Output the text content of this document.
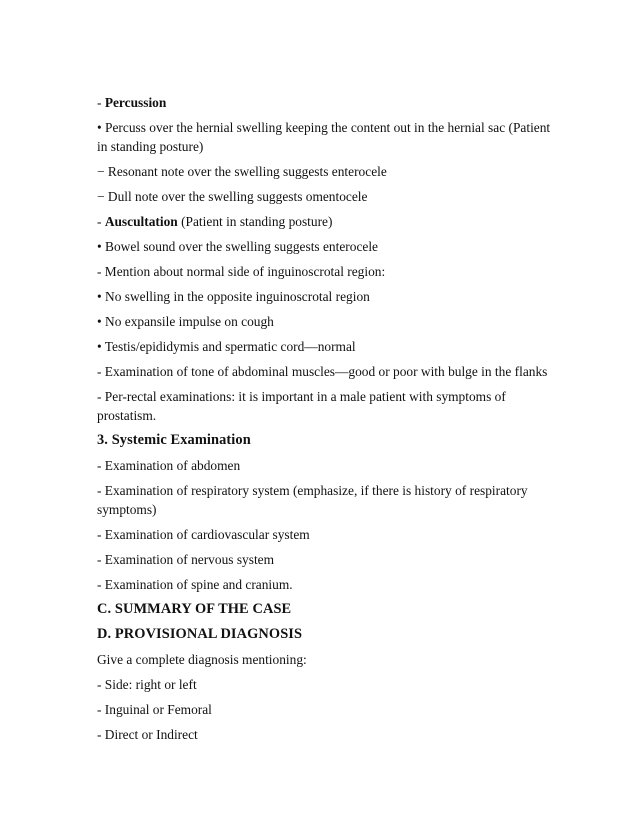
- Percussion

• Percuss over the hernial swelling keeping the content out in the hernial sac (Patient in standing posture)

− Resonant note over the swelling suggests enterocele

− Dull note over the swelling suggests omentocele

- Auscultation (Patient in standing posture)

• Bowel sound over the swelling suggests enterocele

- Mention about normal side of inguinoscrotal region:

• No swelling in the opposite inguinoscrotal region

• No expansile impulse on cough

• Testis/epididymis and spermatic cord—normal

- Examination of tone of abdominal muscles—good or poor with bulge in the flanks

- Per-rectal examinations: it is important in a male patient with symptoms of prostatism.

3. Systemic Examination

- Examination of abdomen

- Examination of respiratory system (emphasize, if there is history of respiratory symptoms)

- Examination of cardiovascular system

- Examination of nervous system

- Examination of spine and cranium.

C. SUMMARY OF THE CASE

D. PROVISIONAL DIAGNOSIS

Give a complete diagnosis mentioning:

- Side: right or left

- Inguinal or Femoral

- Direct or Indirect
